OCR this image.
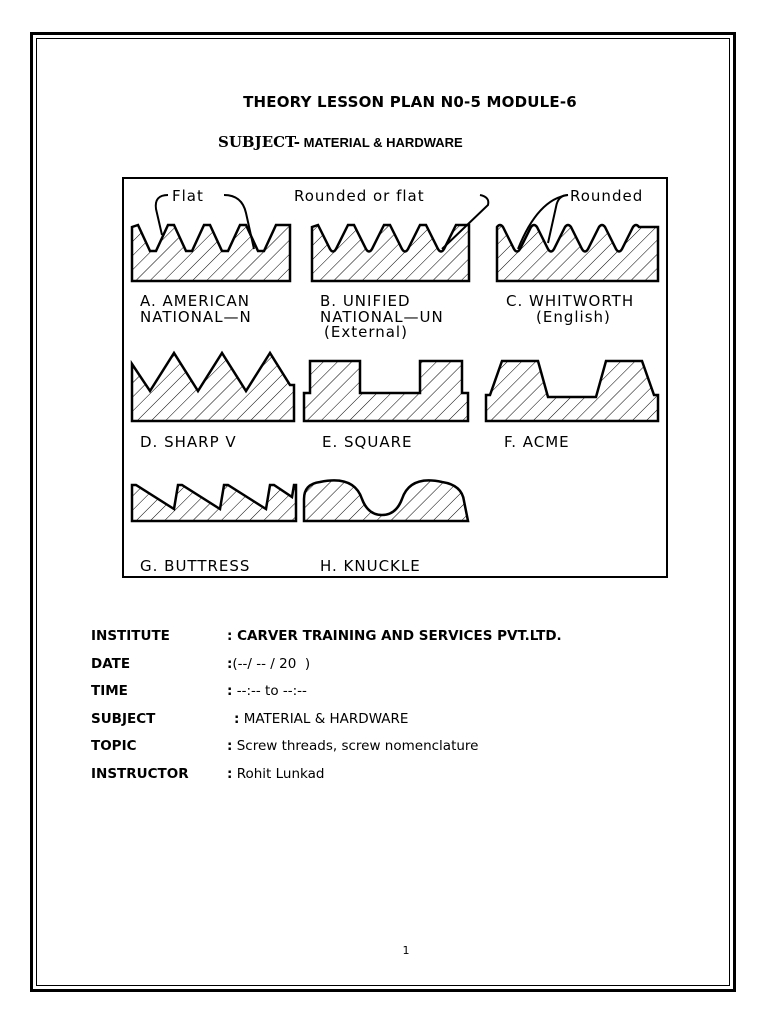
THEORY LESSON PLAN N0-5 MODULE-6
SUBJECT- MATERIAL & HARDWARE
Flat	Rounded or flat	Rounded
A. AMERICAN
NATIONAL—N
B. UNIFIED
NATIONAL—UN
(External)
C. WHITWORTH
(English)
D. SHARP V	E. SQUARE	F. ACME
G. BUTTRESS	H. KNUCKLE
INSTITUTE	: CARVER TRAINING AND SERVICES PVT.LTD.
DATE	:(--/ -- / 20  )
TIME	: --:-- to --:--
SUBJECT	: MATERIAL & HARDWARE
TOPIC	: Screw threads, screw nomenclature
INSTRUCTOR	: Rohit Lunkad
1
